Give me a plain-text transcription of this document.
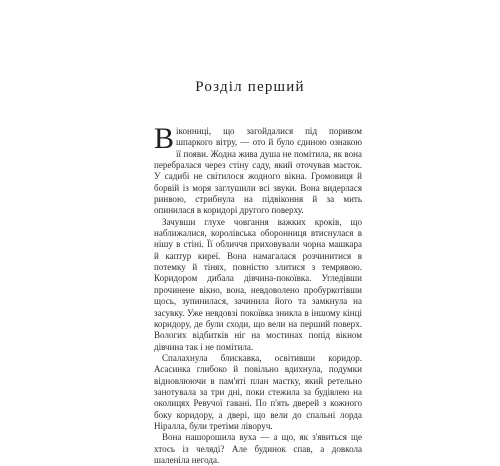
Розділ перший

Віконниці, що загойдалися під поривом шпаркого вітру, — ото й було єдиною ознакою її появи. Жодна жива душа не помітила, як вона перебралася через стіну саду, який оточував маєток. У садибі не світилося жодного вікна. Громовиця й борвій із моря заглушили всі звуки. Вона видерлася ринвою, стрибнула на підвіконня й за мить опинилася в коридорі другого поверху.

Зачувши глухе човгання важких кроків, що наближалися, королівська оборонниця втиснулася в нішу в стіні. Її обличчя приховували чорна машкара й каптур киреї. Вона намагалася розчинитися в потемку й тінях, повністю злитися з темрявою. Коридором дибала дівчина-покоївка. Угледівши прочинене вікно, вона, невдоволено пробуркотівши щось, зупинилася, зачинила його та замкнула на засувку. Уже невдовзі покоївка зникла в іншому кінці коридору, де були сходи, що вели на перший поверх. Вологих відбитків ніг на мостинах попід вікном дівчина так і не помітила.

Спалахнула блискавка, освітивши коридор. Асасинка глибоко й повільно вдихнула, подумки відновлюючи в пам'яті план маєтку, який ретельно занотувала за три дні, поки стежила за будівлею на околицях Ревучої гавані. По п'ять дверей з кожного боку коридору, а двері, що вели до спальні лорда Ніралла, були третіми ліворуч.

Вона нашорошила вуха — а що, як з'явиться ще хтось із челяді? Але будинок спав, а довкола шаленіла негода.
